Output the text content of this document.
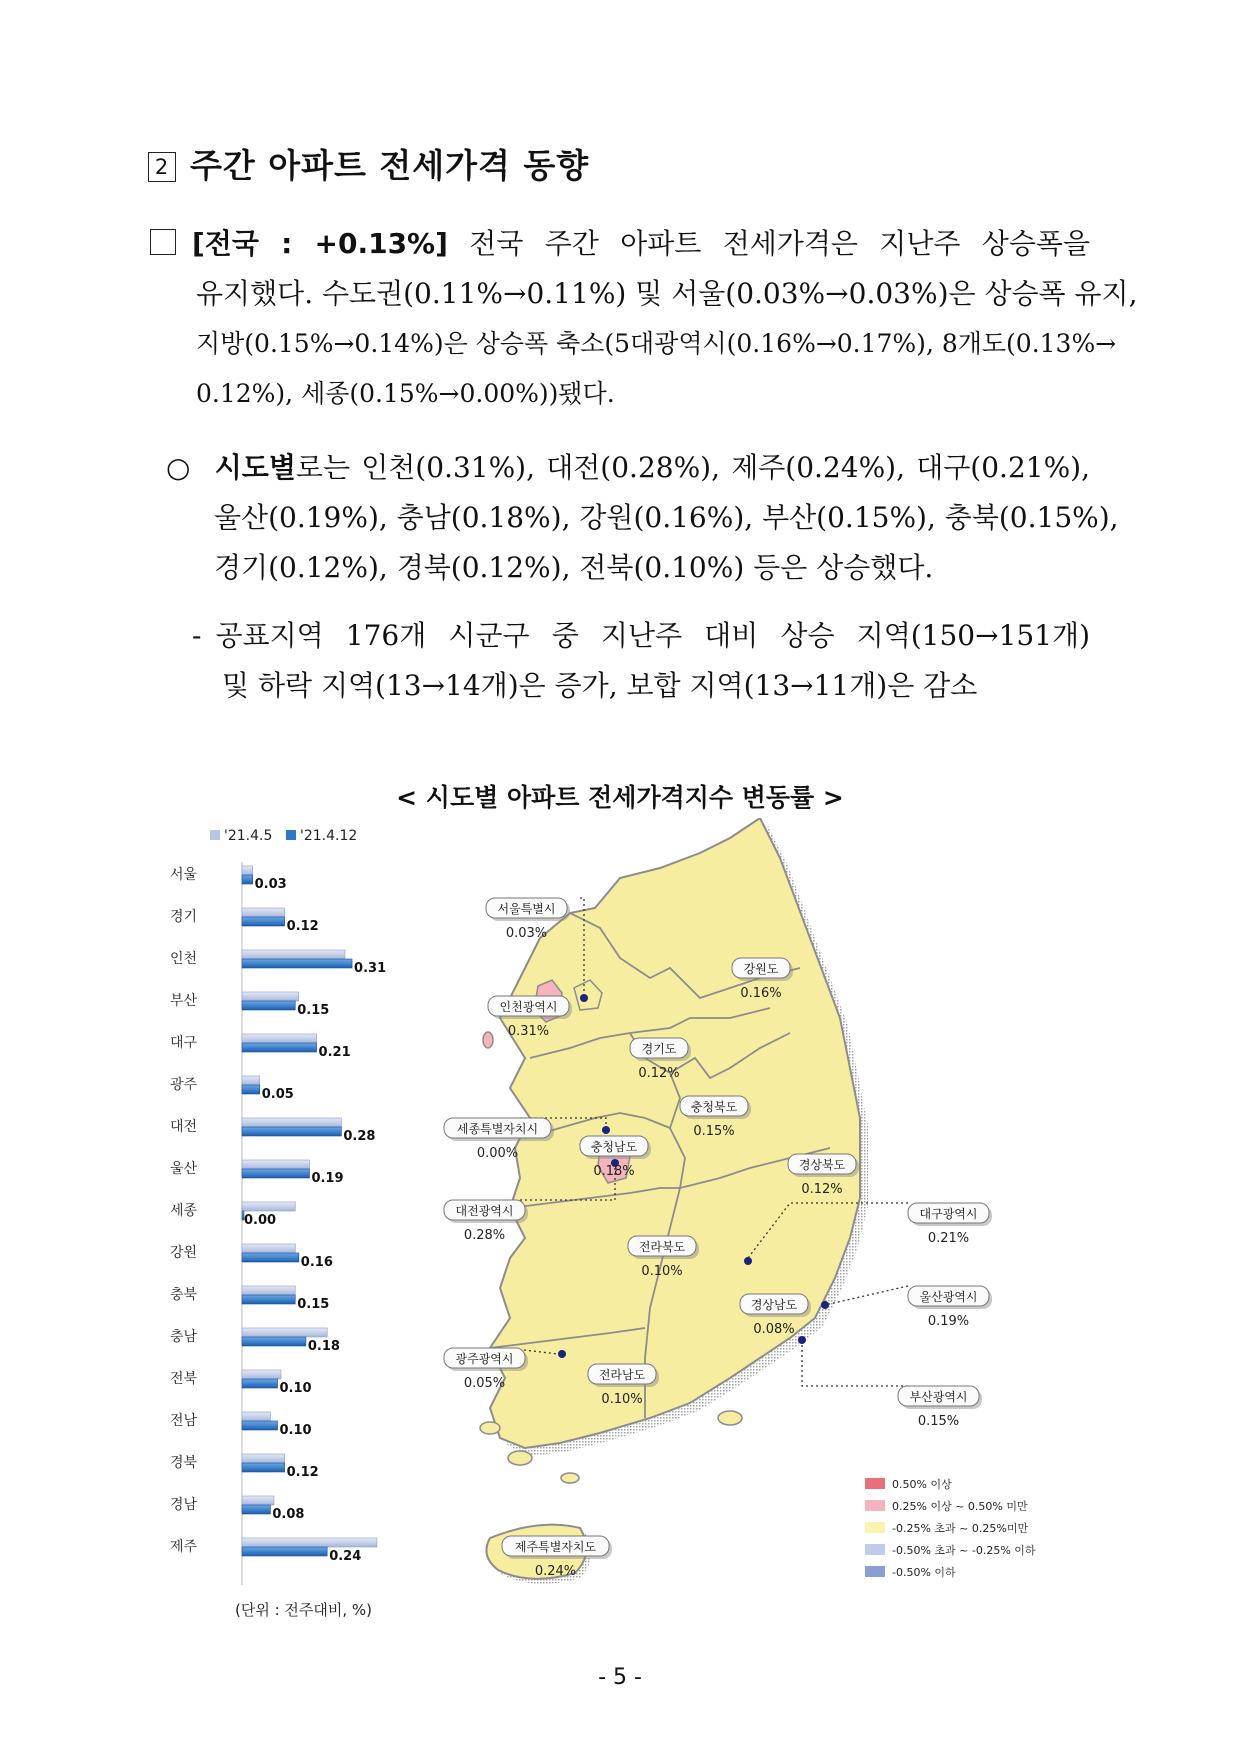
2 주간 아파트 전세가격 동향
[전국 : +0.13%] 전국 주간 아파트 전세가격은 지난주 상승폭을
유지했다. 수도권(0.11%→0.11%) 및 서울(0.03%→0.03%)은 상승폭 유지,
지방(0.15%→0.14%)은 상승폭 축소(5대광역시(0.16%→0.17%), 8개도(0.13%→
0.12%), 세종(0.15%→0.00%))됐다.
○ 시도별로는 인천(0.31%), 대전(0.28%), 제주(0.24%), 대구(0.21%),
울산(0.19%), 충남(0.18%), 강원(0.16%), 부산(0.15%), 충북(0.15%),
경기(0.12%), 경북(0.12%), 전북(0.10%) 등은 상승했다.
- 공표지역 176개 시군구 중 지난주 대비 상승 지역(150→151개)
및 하락 지역(13→14개)은 증가, 보합 지역(13→11개)은 감소
< 시도별 아파트 전세가격지수 변동률 >
'21.4.5 '21.4.12
서울
0.03
경기
0.12
인천
0.31
부산
0.15
대구
0.21
광주
0.05
대전
0.28
울산
0.19
세종
0.00
강원
0.16
충북
0.15
충남
0.18
전북
0.10
전남
0.10
경북
0.12
경남
0.08
제주
0.24
(단위 : 전주대비, %)
서울특별시
0.03%
인천광역시
0.31%
강원도
0.16%
경기도
0.12%
충청북도
0.15%
세종특별자치시
0.00%	충청남도
0.18%	경상북도
0.12%
대전광역시
0.28%
대구광역시
0.21%
전라북도
0.10%
울산광역시
0.19%
경상남도
0.08%
광주광역시
0.05%
부산광역시
0.15%
전라남도
0.10%
제주특별자치도
0.24%
0.50% 이상
0.25% 이상 ~ 0.50% 미만
-0.25% 초과 ~ 0.25%미만
-0.50% 초과 ~ -0.25% 이하
-0.50% 이하
- 5 -
